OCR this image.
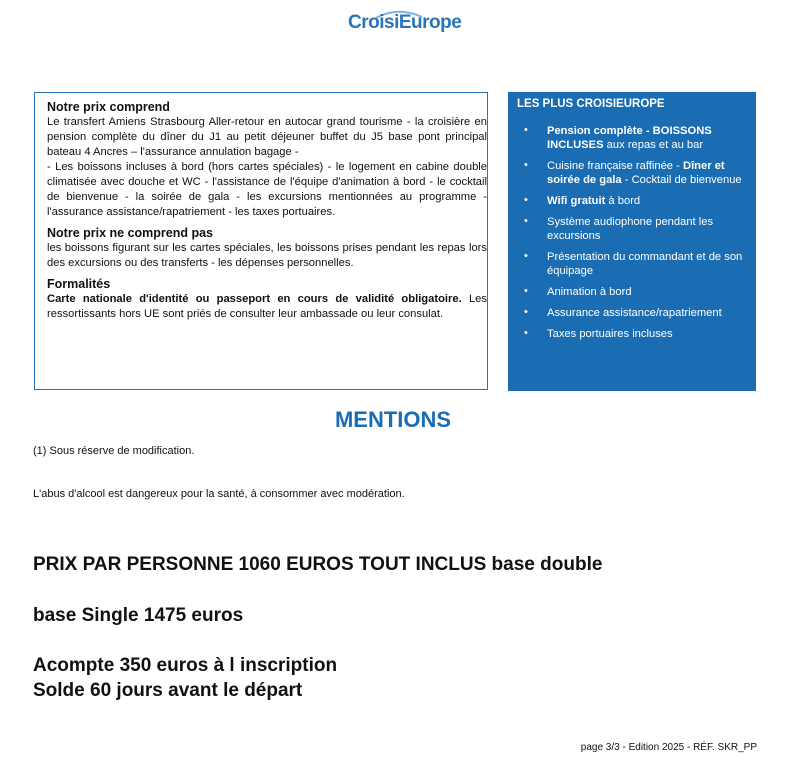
CroisiEurope
Notre prix comprend

Le transfert Amiens Strasbourg Aller-retour en autocar grand tourisme - la croisière en pension complète du dîner du J1 au petit déjeuner buffet du J5 base pont principal bateau 4 Ancres – l'assurance annulation bagage -

- Les boissons incluses à bord (hors cartes spéciales) - le logement en cabine double climatisée avec douche et WC - l'assistance de l'équipe d'animation à bord - le cocktail de bienvenue - la soirée de gala - les excursions mentionnées au programme - l'assurance assistance/rapatriement - les taxes portuaires.

Notre prix ne comprend pas

les boissons figurant sur les cartes spéciales, les boissons prises pendant les repas lors des excursions ou des transferts - les dépenses personnelles.

Formalités

Carte nationale d'identité ou passeport en cours de validité obligatoire. Les ressortissants hors UE sont priés de consulter leur ambassade ou leur consulat.

LES PLUS CROISIEUROPE
• Pension complète - BOISSONS INCLUSES aux repas et au bar
• Cuisine française raffinée - Dîner et soirée de gala - Cocktail de bienvenue
• Wifi gratuit à bord
• Système audiophone pendant les excursions
• Présentation du commandant et de son équipage
• Animation à bord
• Assurance assistance/rapatriement
• Taxes portuaires incluses
MENTIONS
(1) Sous réserve de modification.
L'abus d'alcool est dangereux pour la santé, à consommer avec modération.
PRIX PAR PERSONNE 1060 EUROS TOUT INCLUS base double
base Single 1475 euros
Acompte 350 euros à l inscription
Solde 60 jours avant le départ
page 3/3 - Edition 2025 - RÉF. SKR_PP
